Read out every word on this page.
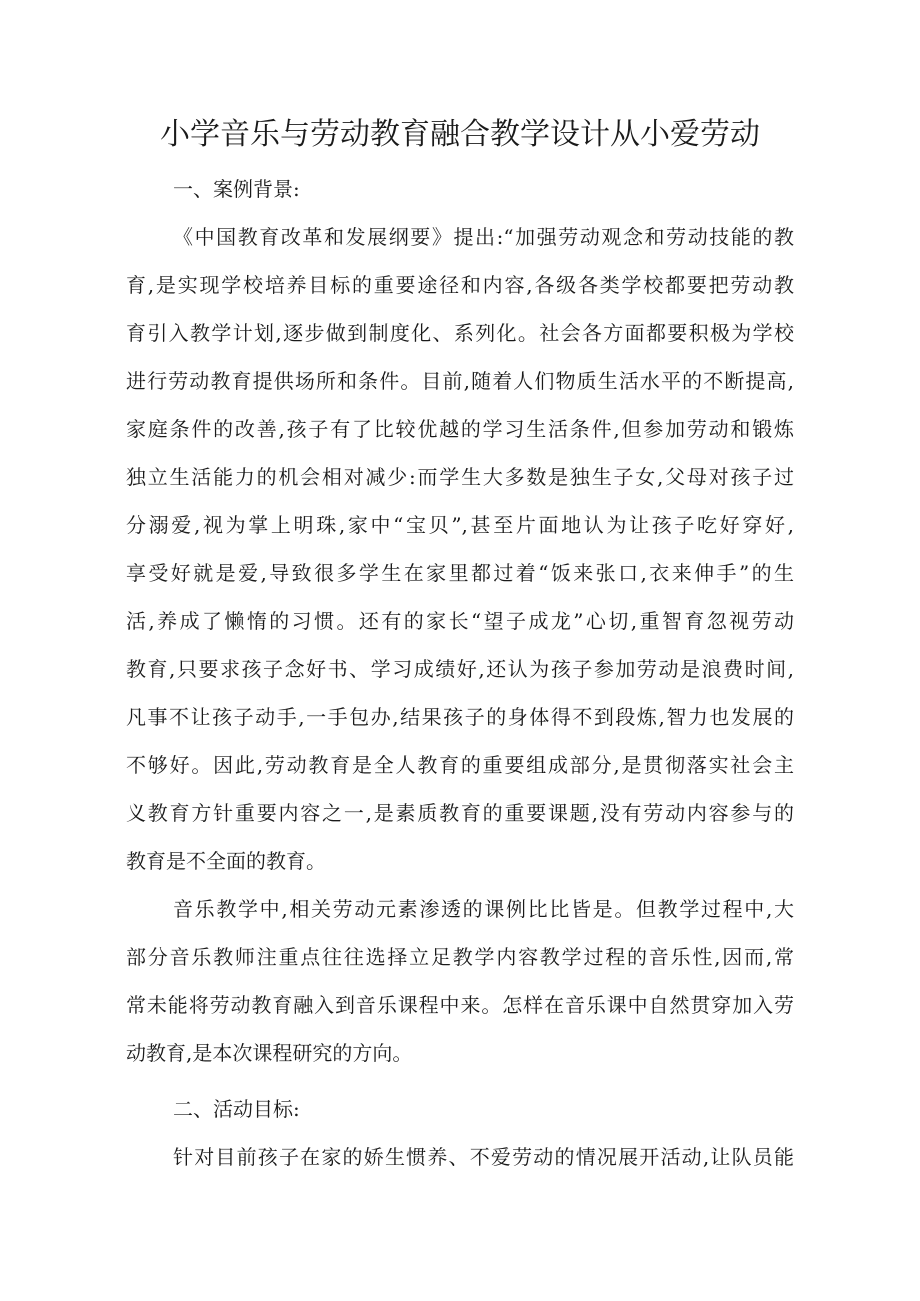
小学音乐与劳动教育融合教学设计从小爱劳动
一、案例背景:
《中国教育改革和发展纲要》提出:“加强劳动观念和劳动技能的教
育,是实现学校培养目标的重要途径和内容,各级各类学校都要把劳动教
育引入教学计划,逐步做到制度化、系列化。社会各方面都要积极为学校
进行劳动教育提供场所和条件。目前,随着人们物质生活水平的不断提高,
家庭条件的改善,孩子有了比较优越的学习生活条件,但参加劳动和锻炼
独立生活能力的机会相对减少:而学生大多数是独生子女,父母对孩子过
分溺爱,视为掌上明珠,家中“宝贝”,甚至片面地认为让孩子吃好穿好,
享受好就是爱,导致很多学生在家里都过着“饭来张口,衣来伸手”的生
活,养成了懒惰的习惯。还有的家长“望子成龙”心切,重智育忽视劳动
教育,只要求孩子念好书、学习成绩好,还认为孩子参加劳动是浪费时间,
凡事不让孩子动手,一手包办,结果孩子的身体得不到段炼,智力也发展的
不够好。因此,劳动教育是全人教育的重要组成部分,是贯彻落实社会主
义教育方针重要内容之一,是素质教育的重要课题,没有劳动内容参与的
教育是不全面的教育。
音乐教学中,相关劳动元素渗透的课例比比皆是。但教学过程中,大
部分音乐教师注重点往往选择立足教学内容教学过程的音乐性,因而,常
常未能将劳动教育融入到音乐课程中来。怎样在音乐课中自然贯穿加入劳
动教育,是本次课程研究的方向。
二、活动目标:
针对目前孩子在家的娇生惯养、不爱劳动的情况展开活动,让队员能
